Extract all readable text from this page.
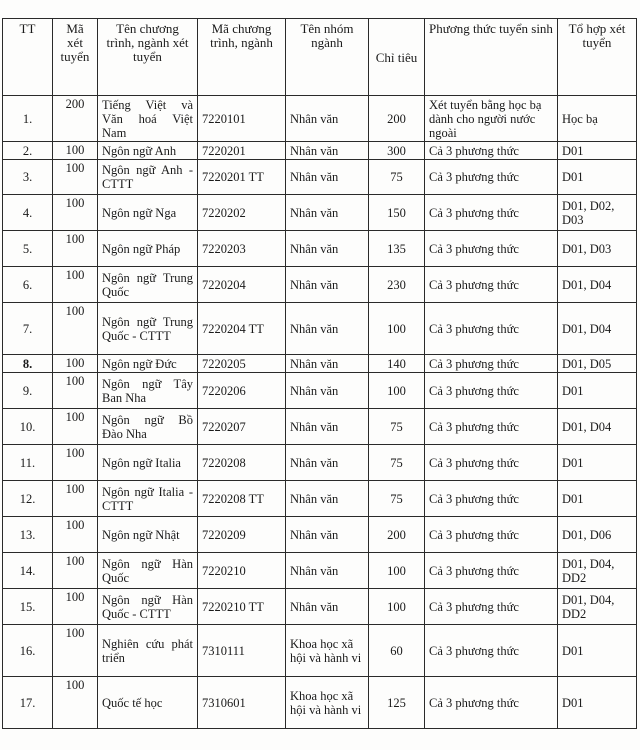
TT	Mã xét tuyển	Tên chương trình, ngành xét tuyển	Mã chương trình, ngành	Tên nhóm ngành	Chỉ tiêu	Phương thức tuyển sinh	Tổ hợp xét tuyển
1.	200	Tiếng Việt và Văn hoá Việt Nam	7220101	Nhân văn	200	Xét tuyển bằng học bạ dành cho người nước ngoài	Học bạ
2.	100	Ngôn ngữ Anh	7220201	Nhân văn	300	Cả 3 phương thức	D01
3.	100	Ngôn ngữ Anh - CTTT	7220201 TT	Nhân văn	75	Cả 3 phương thức	D01
4.	100	Ngôn ngữ Nga	7220202	Nhân văn	150	Cả 3 phương thức	D01, D02, D03
5.	100	Ngôn ngữ Pháp	7220203	Nhân văn	135	Cả 3 phương thức	D01, D03
6.	100	Ngôn ngữ Trung Quốc	7220204	Nhân văn	230	Cả 3 phương thức	D01, D04
7.	100	Ngôn ngữ Trung Quốc - CTTT	7220204 TT	Nhân văn	100	Cả 3 phương thức	D01, D04
8.	100	Ngôn ngữ Đức	7220205	Nhân văn	140	Cả 3 phương thức	D01, D05
9.	100	Ngôn ngữ Tây Ban Nha	7220206	Nhân văn	100	Cả 3 phương thức	D01
10.	100	Ngôn ngữ Bồ Đào Nha	7220207	Nhân văn	75	Cả 3 phương thức	D01, D04
11.	100	Ngôn ngữ Italia	7220208	Nhân văn	75	Cả 3 phương thức	D01
12.	100	Ngôn ngữ Italia - CTTT	7220208 TT	Nhân văn	75	Cả 3 phương thức	D01
13.	100	Ngôn ngữ Nhật	7220209	Nhân văn	200	Cả 3 phương thức	D01, D06
14.	100	Ngôn ngữ Hàn Quốc	7220210	Nhân văn	100	Cả 3 phương thức	D01, D04, DD2
15.	100	Ngôn ngữ Hàn Quốc - CTTT	7220210 TT	Nhân văn	100	Cả 3 phương thức	D01, D04, DD2
16.	100	Nghiên cứu phát triển	7310111	Khoa học xã hội và hành vi	60	Cả 3 phương thức	D01
17.	100	Quốc tế học	7310601	Khoa học xã hội và hành vi	125	Cả 3 phương thức	D01
